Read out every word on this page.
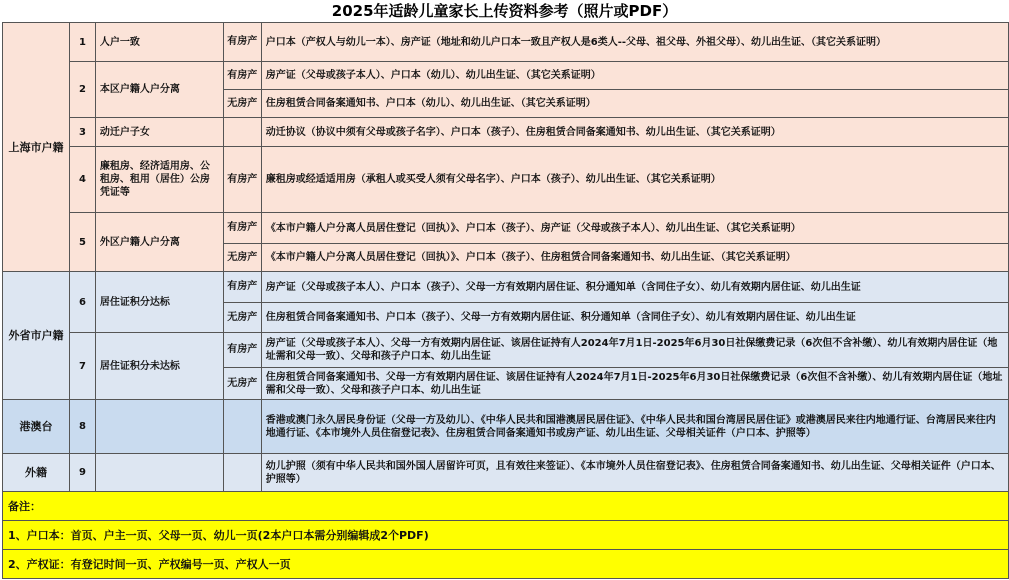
2025年适龄儿童家长上传资料参考（照片或PDF）
上海市户籍	1	人户一致	有房产	户口本（产权人与幼儿一本）、房产证（地址和幼儿户口本一致且产权人是6类人--父母、祖父母、外祖父母）、幼儿出生证、（其它关系证明）
	2	本区户籍人户分离	有房产	房产证（父母或孩子本人）、户口本（幼儿）、幼儿出生证、（其它关系证明）
			无房产	住房租赁合同备案通知书、户口本（幼儿）、幼儿出生证、（其它关系证明）
	3	动迁户子女		动迁协议（协议中须有父母或孩子名字）、户口本（孩子）、住房租赁合同备案通知书、幼儿出生证、（其它关系证明）
	4	廉租房、经济适用房、公租房、租用（居住）公房凭证等	有房产	廉租房或经适适用房（承租人或买受人须有父母名字）、户口本（孩子）、幼儿出生证、（其它关系证明）
	5	外区户籍人户分离	有房产	《本市户籍人户分离人员居住登记（回执）》、户口本（孩子）、房产证（父母或孩子本人）、幼儿出生证、（其它关系证明）
			无房产	《本市户籍人户分离人员居住登记（回执）》、户口本（孩子）、住房租赁合同备案通知书、幼儿出生证、（其它关系证明）
外省市户籍	6	居住证积分达标	有房产	房产证（父母或孩子本人）、户口本（孩子）、父母一方有效期内居住证、积分通知单（含同住子女）、幼儿有效期内居住证、幼儿出生证
			无房产	住房租赁合同备案通知书、户口本（孩子）、父母一方有效期内居住证、积分通知单（含同住子女）、幼儿有效期内居住证、幼儿出生证
	7	居住证积分未达标	有房产	房产证（父母或孩子本人）、父母一方有效期内居住证、该居住证持有人2024年7月1日-2025年6月30日社保缴费记录（6次但不含补缴）、幼儿有效期内居住证（地址需和父母一致）、父母和孩子户口本、幼儿出生证
			无房产	住房租赁合同备案通知书、父母一方有效期内居住证、该居住证持有人2024年7月1日-2025年6月30日社保缴费记录（6次但不含补缴）、幼儿有效期内居住证（地址需和父母一致）、父母和孩子户口本、幼儿出生证
港澳台	8			香港或澳门永久居民身份证（父母一方及幼儿）、《中华人民共和国港澳居民居住证》、《中华人民共和国台湾居民居住证》或港澳居民来往内地通行证、台湾居民来往内地通行证、《本市境外人员住宿登记表》、住房租赁合同备案通知书或房产证、幼儿出生证、父母相关证件（户口本、护照等）
外籍	9			幼儿护照（须有中华人民共和国外国人居留许可页，且有效往来签证）、《本市境外人员住宿登记表》、住房租赁合同备案通知书、幼儿出生证、父母相关证件（户口本、护照等）
备注：				
1、户口本：首页、户主一页、父母一页、幼儿一页(2本户口本需分别编辑成2个PDF)				
2、产权证：有登记时间一页、产权编号一页、产权人一页				
